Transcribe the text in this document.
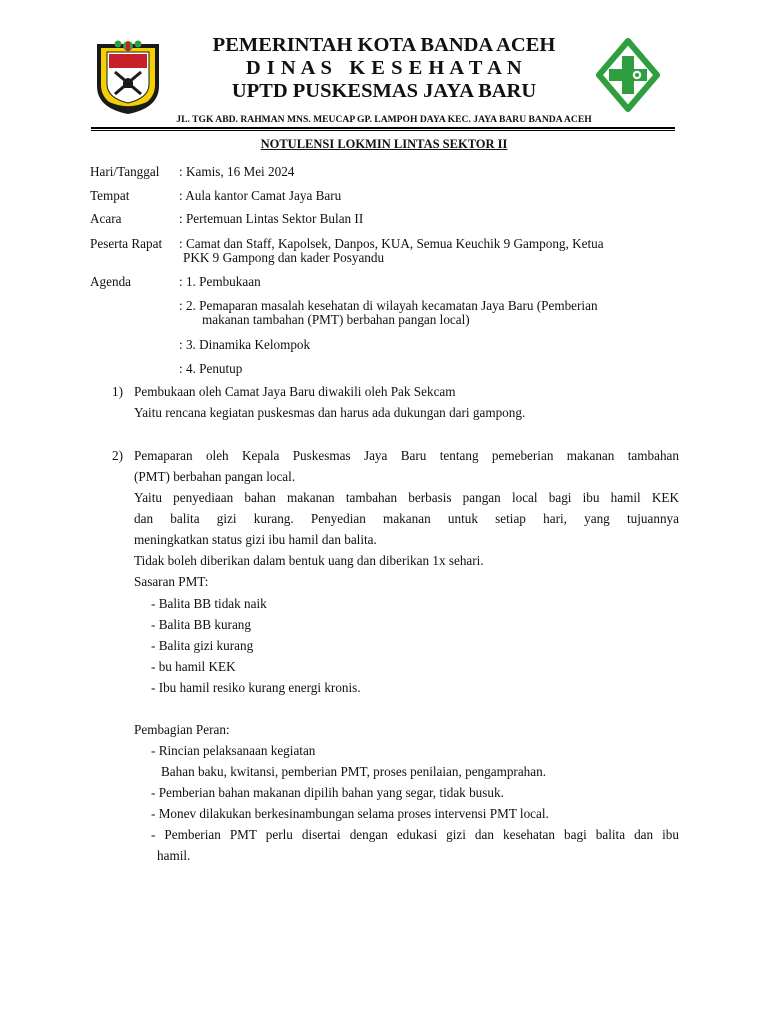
PEMERINTAH KOTA BANDA ACEH
D I N A S   K E S E H A T A N
UPTD PUSKESMAS JAYA BARU
JL. TGK ABD. RAHMAN MNS. MEUCAP GP. LAMPOH DAYA KEC. JAYA BARU BANDA ACEH
NOTULENSI LOKMIN LINTAS SEKTOR II
Hari/Tanggal : Kamis, 16 Mei 2024
Tempat	: Aula kantor Camat Jaya Baru
Acara	: Pertemuan Lintas Sektor Bulan II
Peserta Rapat : Camat dan Staff, Kapolsek, Danpos, KUA, Semua Keuchik 9 Gampong, Ketua
PKK 9 Gampong dan kader Posyandu
Agenda	: 1. Pembukaan
: 2. Pemaparan masalah kesehatan di wilayah kecamatan Jaya Baru (Pemberian
makanan tambahan (PMT) berbahan pangan local)
: 3. Dinamika Kelompok
: 4. Penutup
1) Pembukaan oleh Camat Jaya Baru diwakili oleh Pak Sekcam
Yaitu rencana kegiatan puskesmas dan harus ada dukungan dari gampong.
2) Pemaparan oleh Kepala Puskesmas Jaya Baru tentang pemeberian makanan tambahan
(PMT) berbahan pangan local.
Yaitu penyediaan bahan makanan tambahan berbasis pangan local bagi ibu hamil KEK
dan balita gizi kurang. Penyedian makanan untuk setiap hari, yang tujuannya
meningkatkan status gizi ibu hamil dan balita.
Tidak boleh diberikan dalam bentuk uang dan diberikan 1x sehari.
Sasaran PMT:
- Balita BB tidak naik
- Balita BB kurang
- Balita gizi kurang
- bu hamil KEK
- Ibu hamil resiko kurang energi kronis.
Pembagian Peran:
- Rincian pelaksanaan kegiatan
Bahan baku, kwitansi, pemberian PMT, proses penilaian, pengamprahan.
- Pemberian bahan makanan dipilih bahan yang segar, tidak busuk.
- Monev dilakukan berkesinambungan selama proses intervensi PMT local.
- Pemberian PMT perlu disertai dengan edukasi gizi dan kesehatan bagi balita dan ibu
hamil.
